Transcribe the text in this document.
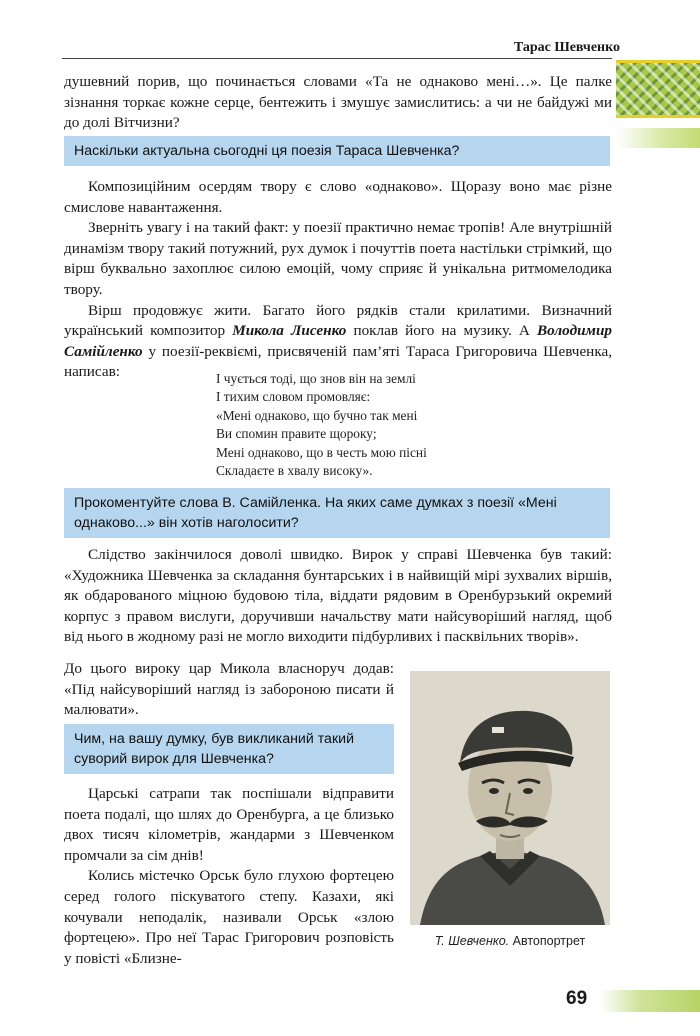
Тарас Шевченко

душевний порив, що починається словами «Та не однаково мені…». Це палке зізнання торкає кожне серце, бентежить і змушує замислитись: а чи не байдужі ми до долі Вітчизни?

Наскільки актуальна сьогодні ця поезія Тараса Шевченка?

Композиційним осердям твору є слово «однаково». Щоразу воно має різне смислове навантаження.

Зверніть увагу і на такий факт: у поезії практично немає тропів! Але внутрішній динамізм твору такий потужний, рух думок і почуттів поета настільки стрімкий, що вірш буквально захоплює силою емоцій, чому сприяє й унікальна ритмомелодика твору.

Вірш продовжує жити. Багато його рядків стали крилатими. Визначний український композитор Микола Лисенко поклав його на музику. А Володимир Самійленко у поезії-реквіємі, присвяченій пам’яті Тараса Григоровича Шевченка, написав:	І чується тоді, що знов він на землі
І тихим словом промовляє:
«Мені однаково, що бучно так мені
Ви спомин правите щороку;
Мені однаково, що в честь мою пісні
Складаєте в хвалу високу».
Прокоментуйте слова В. Самійленка. На яких саме думках з поезії «Мені однаково...» він хотів наголосити?

Слідство закінчилося доволі швидко. Вирок у справі Шевченка був такий: «Художника Шевченка за складання бунтарських і в найвищій мірі зухвалих віршів, як обдарованого міцною будовою тіла, віддати рядовим в Оренбурзький окремий корпус з правом вислуги, доручивши начальству мати найсуворіший нагляд, щоб від нього в жодному разі не могло виходити підбурливих і пасквільних творів».

До цього вироку цар Микола власноруч додав: «Під найсуворіший нагляд із забороною писати й малювати».

Чим, на вашу думку, був викликаний такий суворий вирок для Шевченка?

Царські сатрапи так поспішали відправити поета подалі, що шлях до Оренбурга, а це близько двох тисяч кілометрів, жандарми з Шевченком промчали за сім днів!

Колись містечко Орськ було глухою фортецею серед голого піскуватого степу. Казахи, які кочували неподалік, називали Орськ «злою фортецею». Про неї Тарас Григорович розповість у повісті «Близне-

Т. Шевченко. Автопортрет
69
